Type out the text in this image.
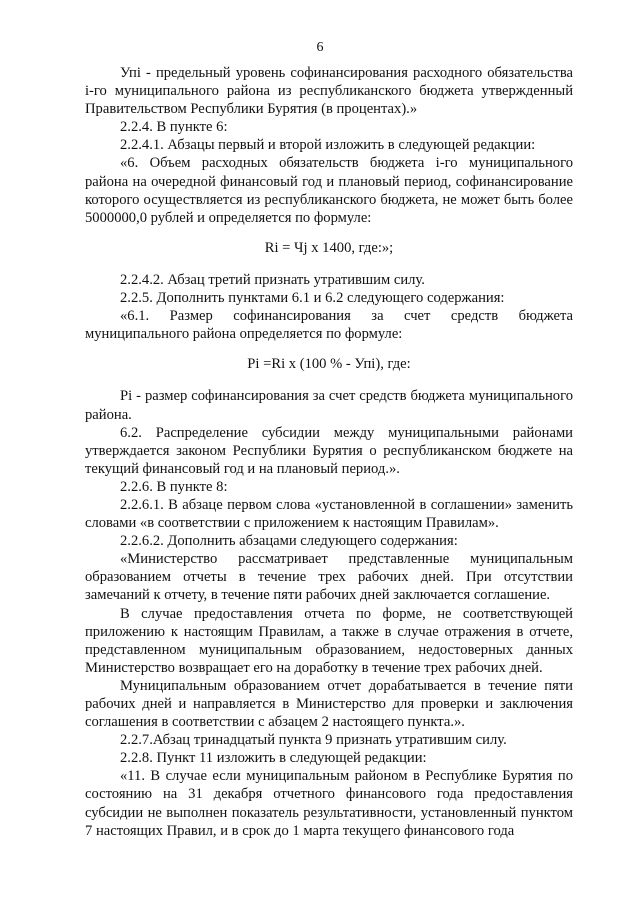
6

Упi - предельный уровень софинансирования расходного обязательства i-го муниципального района из республиканского бюджета утвержденный Правительством Республики Бурятия (в процентах).»

2.2.4. В пункте 6:

2.2.4.1. Абзацы первый и второй изложить в следующей редакции:

«6. Объем расходных обязательств бюджета i-го муниципального района на очередной финансовый год и плановый период, софинансирование которого осуществляется из республиканского бюджета, не может быть более 5000000,0 рублей и определяется по формуле:

Ri = Чj х 1400, где:»;

2.2.4.2. Абзац третий признать утратившим силу.

2.2.5. Дополнить пунктами 6.1 и 6.2 следующего содержания:

«6.1. Размер софинансирования за счет средств бюджета муниципального района определяется по формуле:

Pi =Ri х (100 % - Упi), где:

Pi - размер софинансирования за счет средств бюджета муниципального района.

6.2. Распределение субсидии между муниципальными районами утверждается законом Республики Бурятия о республиканском бюджете на текущий финансовый год и на плановый период.».

2.2.6. В пункте 8:

2.2.6.1. В абзаце первом слова «установленной в соглашении» заменить словами «в соответствии с приложением к настоящим Правилам».

2.2.6.2. Дополнить абзацами следующего содержания:

«Министерство рассматривает представленные муниципальным образованием отчеты в течение трех рабочих дней. При отсутствии замечаний к отчету, в течение пяти рабочих дней заключается соглашение.

В случае предоставления отчета по форме, не соответствующей приложению к настоящим Правилам, а также в случае отражения в отчете, представленном муниципальным образованием, недостоверных данных Министерство возвращает его на доработку в течение трех рабочих дней.

Муниципальным образованием отчет дорабатывается в течение пяти рабочих дней и направляется в Министерство для проверки и заключения соглашения в соответствии с абзацем 2 настоящего пункта.».

2.2.7.Абзац тринадцатый пункта 9 признать утратившим силу.

2.2.8. Пункт 11 изложить в следующей редакции:

«11. В случае если муниципальным районом в Республике Бурятия по состоянию на 31 декабря отчетного финансового года предоставления субсидии не выполнен показатель результативности, установленный пунктом 7 настоящих Правил, и в срок до 1 марта текущего финансового года
